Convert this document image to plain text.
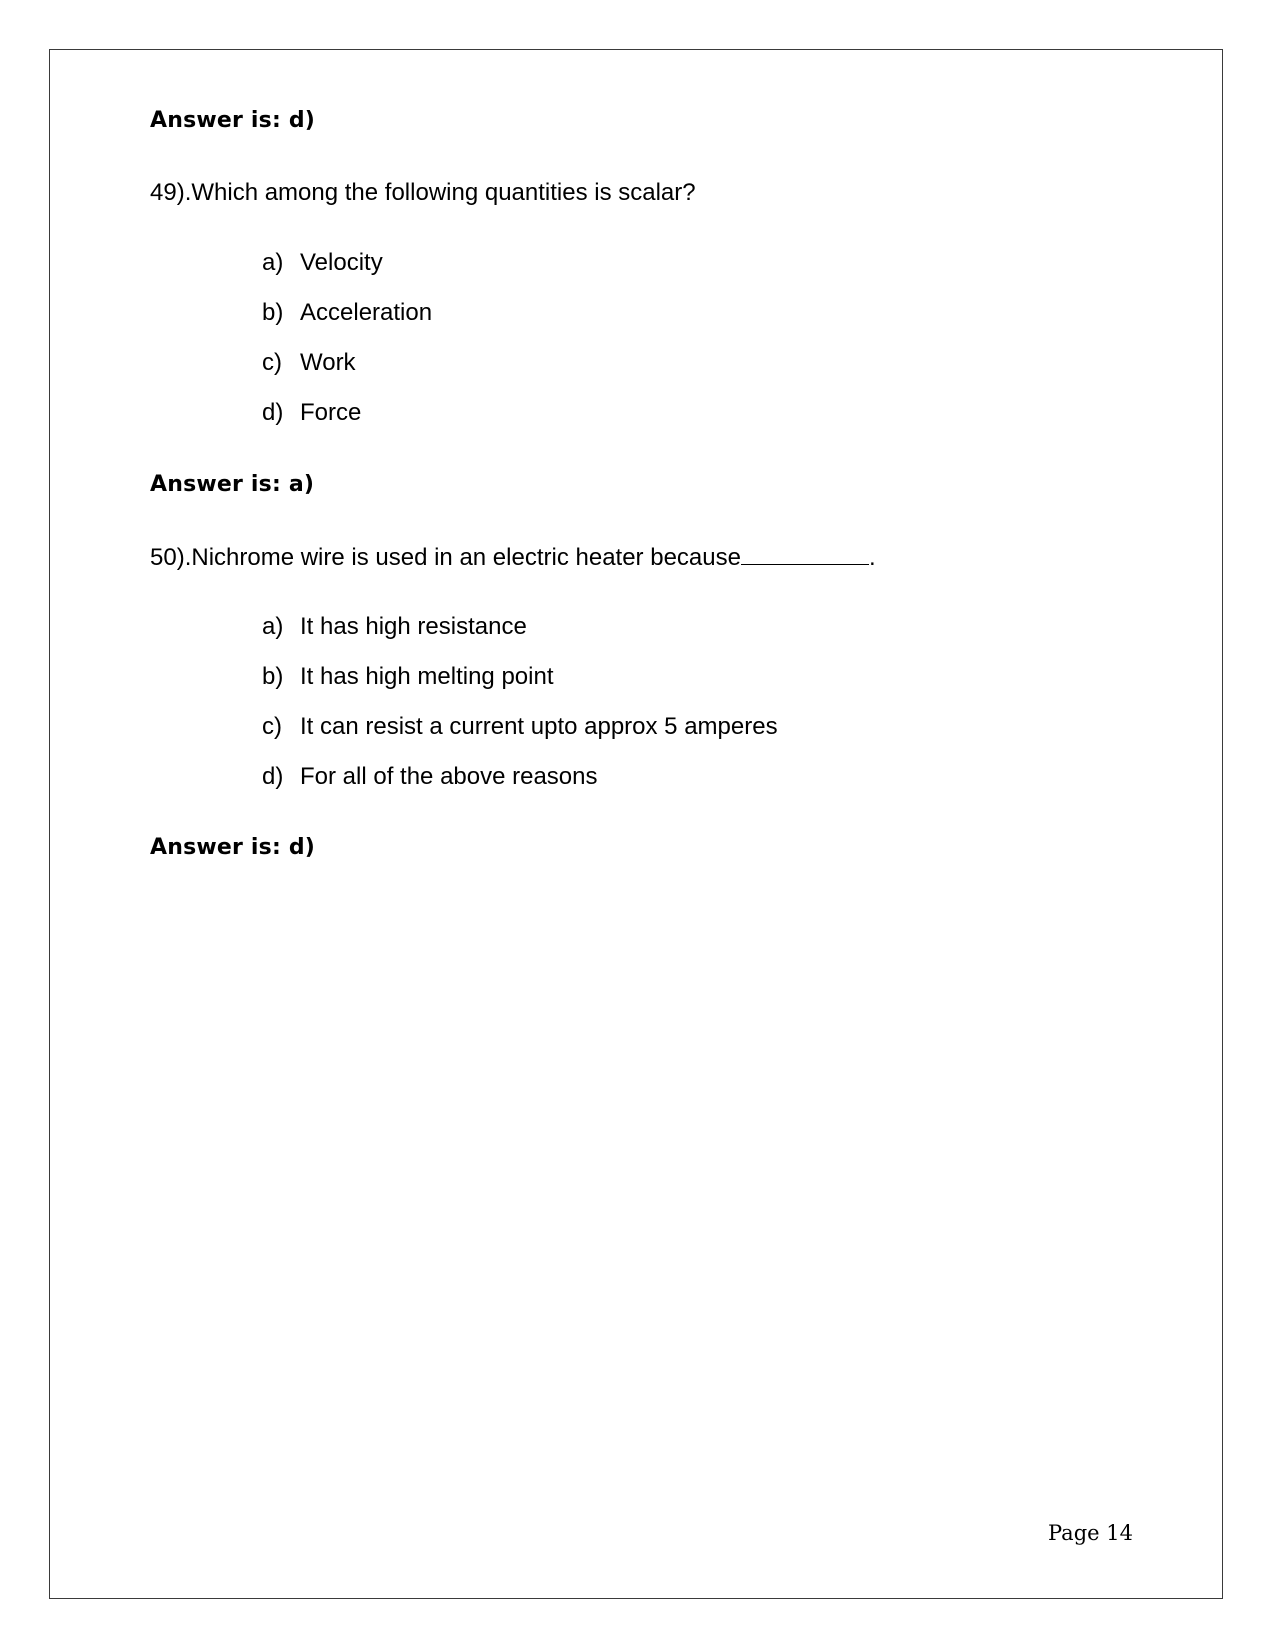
Answer is: d)
49).Which among the following quantities is scalar?
a) Velocity
b) Acceleration
c) Work
d) Force
Answer is: a)
50).Nichrome wire is used in an electric heater because	.
a) It has high resistance
b) It has high melting point
c) It can resist a current upto approx 5 amperes
d) For all of the above reasons
Answer is: d)
Page 14
